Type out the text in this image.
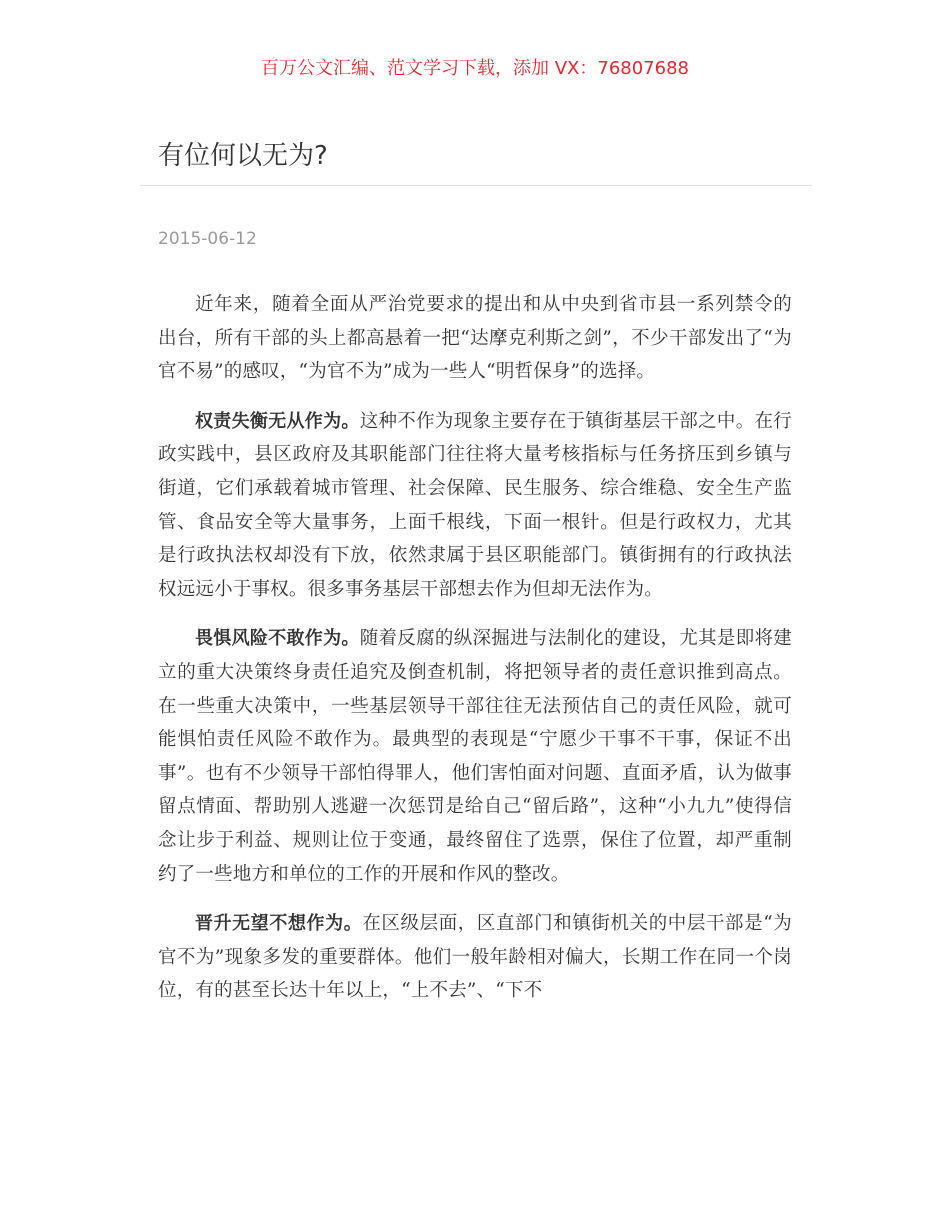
百万公文汇编、范文学习下载，添加 VX：76807688
有位何以无为?
2015-06-12

近年来，随着全面从严治党要求的提出和从中央到省市县一系列禁令的出台，所有干部的头上都高悬着一把“达摩克利斯之剑”，不少干部发出了“为官不易”的感叹，“为官不为”成为一些人“明哲保身”的选择。

权责失衡无从作为。这种不作为现象主要存在于镇街基层干部之中。在行政实践中，县区政府及其职能部门往往将大量考核指标与任务挤压到乡镇与街道，它们承载着城市管理、社会保障、民生服务、综合维稳、安全生产监管、食品安全等大量事务，上面千根线，下面一根针。但是行政权力，尤其是行政执法权却没有下放，依然隶属于县区职能部门。镇街拥有的行政执法权远远小于事权。很多事务基层干部想去作为但却无法作为。

畏惧风险不敢作为。随着反腐的纵深掘进与法制化的建设，尤其是即将建立的重大决策终身责任追究及倒查机制，将把领导者的责任意识推到高点。在一些重大决策中，一些基层领导干部往往无法预估自己的责任风险，就可能惧怕责任风险不敢作为。最典型的表现是“宁愿少干事不干事，保证不出事”。也有不少领导干部怕得罪人，他们害怕面对问题、直面矛盾，认为做事留点情面、帮助别人逃避一次惩罚是给自己“留后路”，这种“小九九”使得信念让步于利益、规则让位于变通，最终留住了选票，保住了位置，却严重制约了一些地方和单位的工作的开展和作风的整改。

晋升无望不想作为。在区级层面，区直部门和镇街机关的中层干部是“为官不为”现象多发的重要群体。他们一般年龄相对偏大，长期工作在同一个岗位，有的甚至长达十年以上，“上不去”、“下不
